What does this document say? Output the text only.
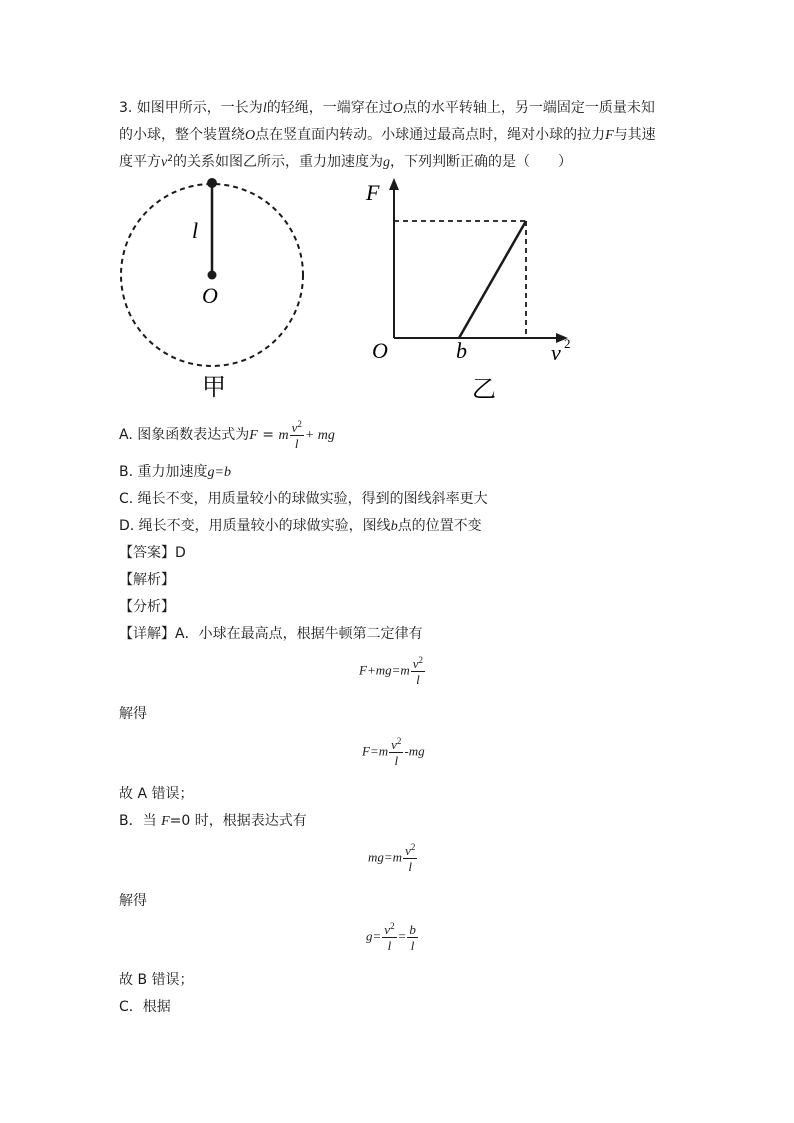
3. 如图甲所示，一长为l的轻绳，一端穿在过O点的水平转轴上，另一端固定一质量未知
的小球，整个装置绕O点在竖直面内转动。小球通过最高点时，绳对小球的拉力F与其速
度平方$v^2$的关系如图乙所示，重力加速度为g，下列判断正确的是（　　）
l
O
甲
F
O	b	v 2
乙
A. 图象函数表达式为F = m $\frac{v^2}{l}$ + mg
B. 重力加速度g=b
C. 绳长不变，用质量较小的球做实验，得到的图线斜率更大
D. 绳长不变，用质量较小的球做实验，图线b点的位置不变
【答案】D
【解析】
【分析】
【详解】A．小球在最高点，根据牛顿第二定律有
$F+mg=m \frac{v^2}{l}$
解得
$F=m \frac{v^2}{l} -mg$
故 A 错误；
B．当 F=0 时，根据表达式有
$mg=m \frac{v^2}{l}$
解得
$g= \frac{v^2}{l} = \frac{b}{l}$
故 B 错误；
C．根据
